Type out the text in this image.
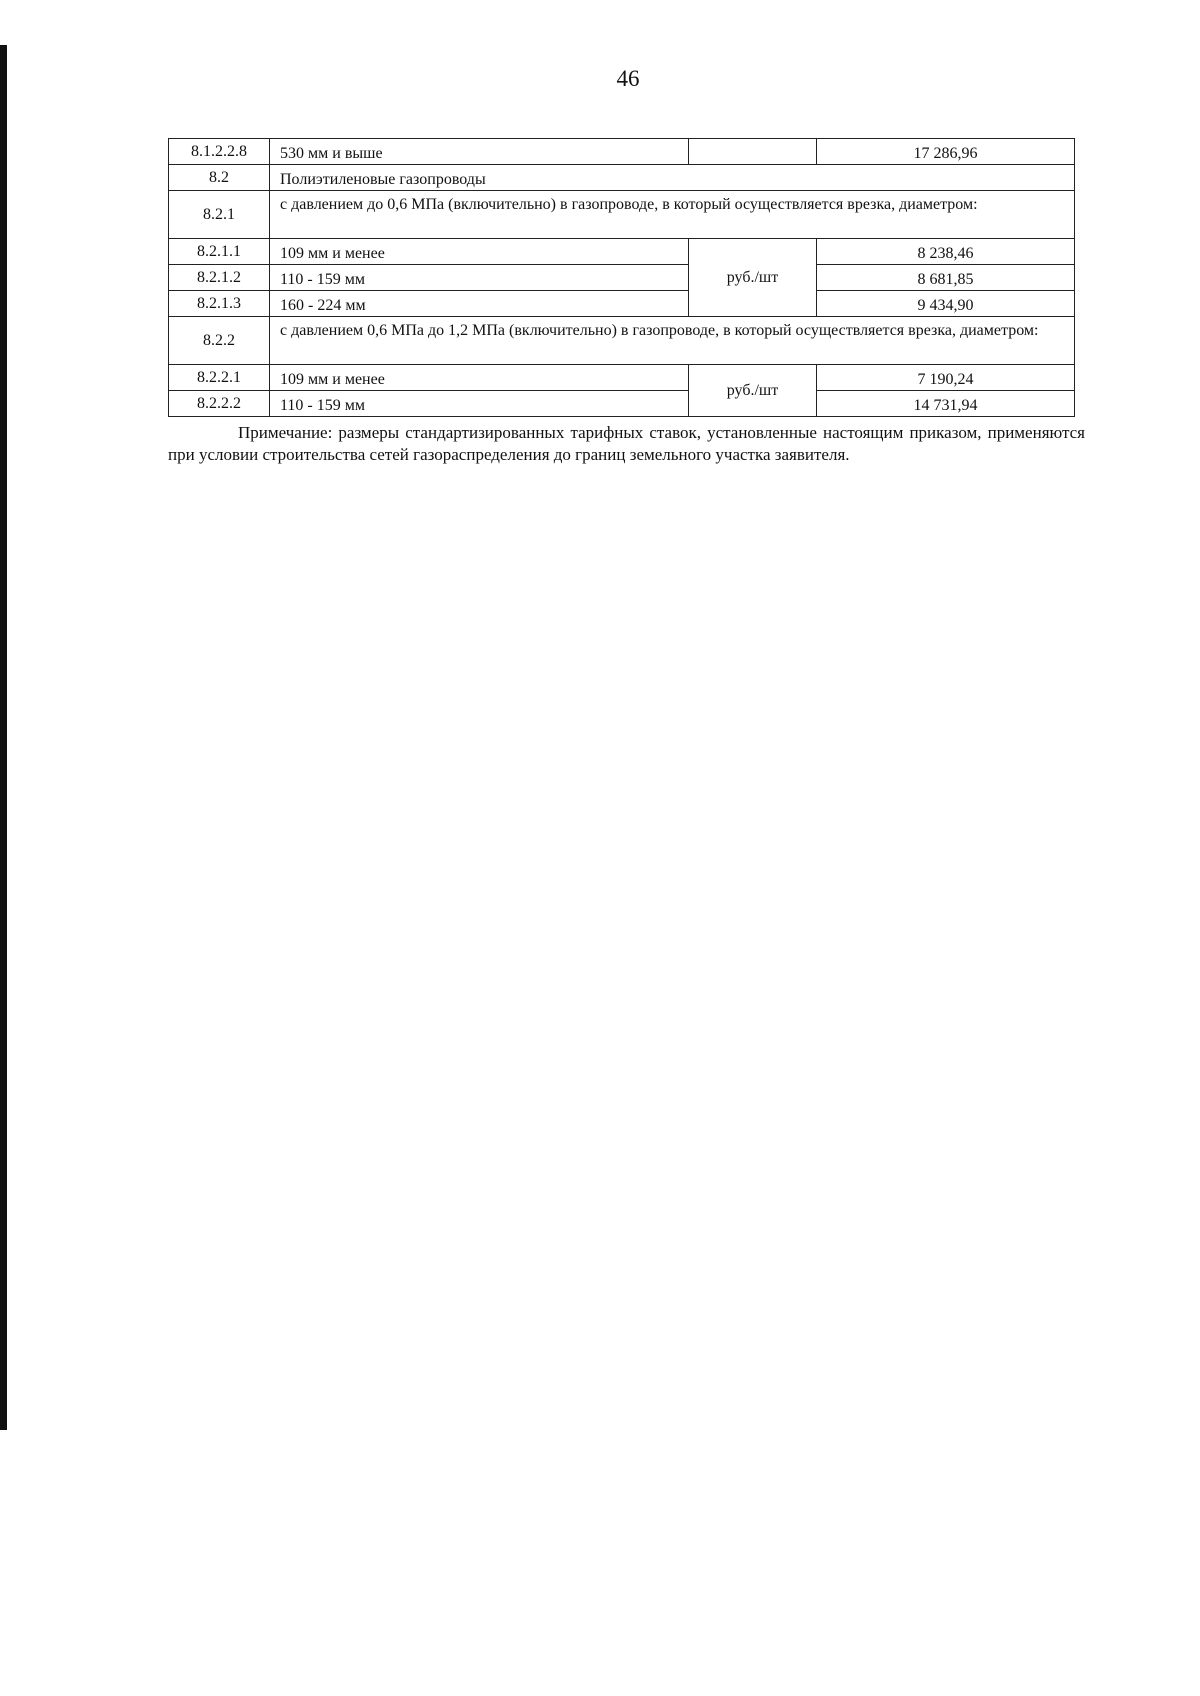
46
8.1.2.2.8	530 мм и выше		17 286,96
8.2	Полиэтиленовые газопроводы		
8.2.1	с давлением до 0,6 МПа (включительно) в газопроводе, в который осуществляется врезка, диаметром:		
8.2.1.1	109 мм и менее	руб./шт	8 238,46
8.2.1.2	110 - 159 мм		8 681,85
8.2.1.3	160 - 224 мм		9 434,90
8.2.2	с давлением 0,6 МПа до 1,2 МПа (включительно) в газопроводе, в который осуществляется врезка, диаметром:		
8.2.2.1	109 мм и менее	руб./шт	7 190,24
8.2.2.2	110 - 159 мм		14 731,94

Примечание: размеры стандартизированных тарифных ставок, установленные настоящим приказом, применяются при условии строительства сетей газораспределения до границ земельного участка заявителя.
